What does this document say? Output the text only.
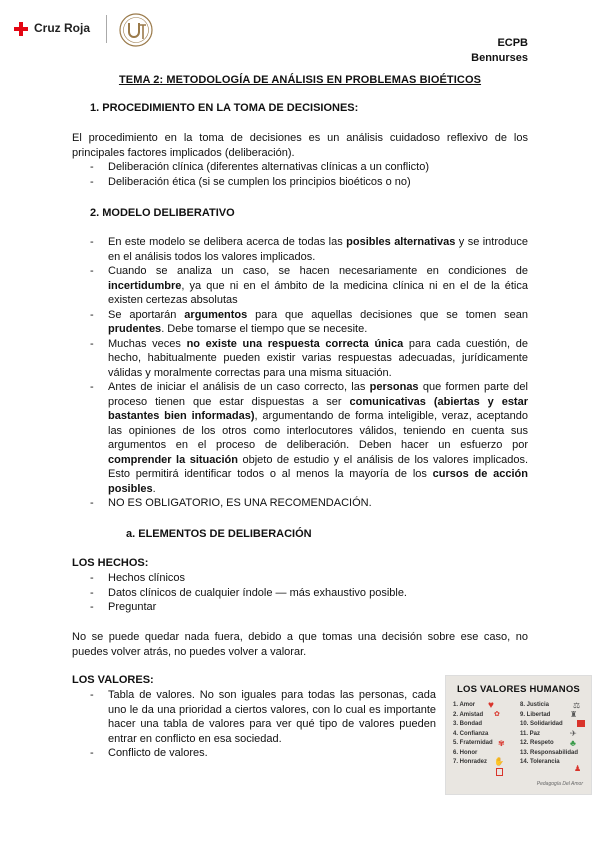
Cruz Roja
ECPB
Bennurses
TEMA 2: METODOLOGÍA DE ANÁLISIS EN PROBLEMAS BIOÉTICOS
1. PROCEDIMIENTO EN LA TOMA DE DECISIONES:
El procedimiento en la toma de decisiones es un análisis cuidadoso reflexivo de los principales factores implicados (deliberación).
- Deliberación clínica (diferentes alternativas clínicas a un conflicto)
- Deliberación ética (si se cumplen los principios bioéticos o no)
2. MODELO DELIBERATIVO
- En este modelo se delibera acerca de todas las posibles alternativas y se introduce en el análisis todos los valores implicados.
- Cuando se analiza un caso, se hacen necesariamente en condiciones de incertidumbre, ya que ni en el ámbito de la medicina clínica ni en el de la ética existen certezas absolutas
- Se aportarán argumentos para que aquellas decisiones que se tomen sean prudentes. Debe tomarse el tiempo que se necesite.
- Muchas veces no existe una respuesta correcta única para cada cuestión, de hecho, habitualmente pueden existir varias respuestas adecuadas, jurídicamente válidas y moralmente correctas para una misma situación.
- Antes de iniciar el análisis de un caso correcto, las personas que formen parte del proceso tienen que estar dispuestas a ser comunicativas (abiertas y estar bastantes bien informadas), argumentando de forma inteligible, veraz, aceptando las opiniones de los otros como interlocutores válidos, teniendo en cuenta sus argumentos en el proceso de deliberación. Deben hacer un esfuerzo por comprender la situación objeto de estudio y el análisis de los valores implicados. Esto permitirá identificar todos o al menos la mayoría de los cursos de acción posibles.
- NO ES OBLIGATORIO, ES UNA RECOMENDACIÓN.
a. ELEMENTOS DE DELIBERACIÓN
LOS HECHOS:
- Hechos clínicos
- Datos clínicos de cualquier índole — más exhaustivo posible.
- Preguntar
No se puede quedar nada fuera, debido a que tomas una decisión sobre ese caso, no puedes volver atrás, no puedes volver a valorar.
LOS VALORES:
- Tabla de valores. No son iguales para todas las personas, cada uno le da una prioridad a ciertos valores, con lo cual es importante hacer una tabla de valores para ver qué tipo de valores pueden entrar en conflicto en esa sociedad.
- Conflicto de valores.
LOS VALORES HUMANOS
1. Amor
2. Amistad
3. Bondad
4. Confianza
5. Fraternidad
6. Honor
7. Honradez
8. Justicia
9. Libertad
10. Solidaridad
11. Paz
12. Respeto
13. Responsabilidad
14. Tolerancia
♥
✿
✾
✋
⚖
♜
✈
♣
♟
Pedagogía Del Amor
